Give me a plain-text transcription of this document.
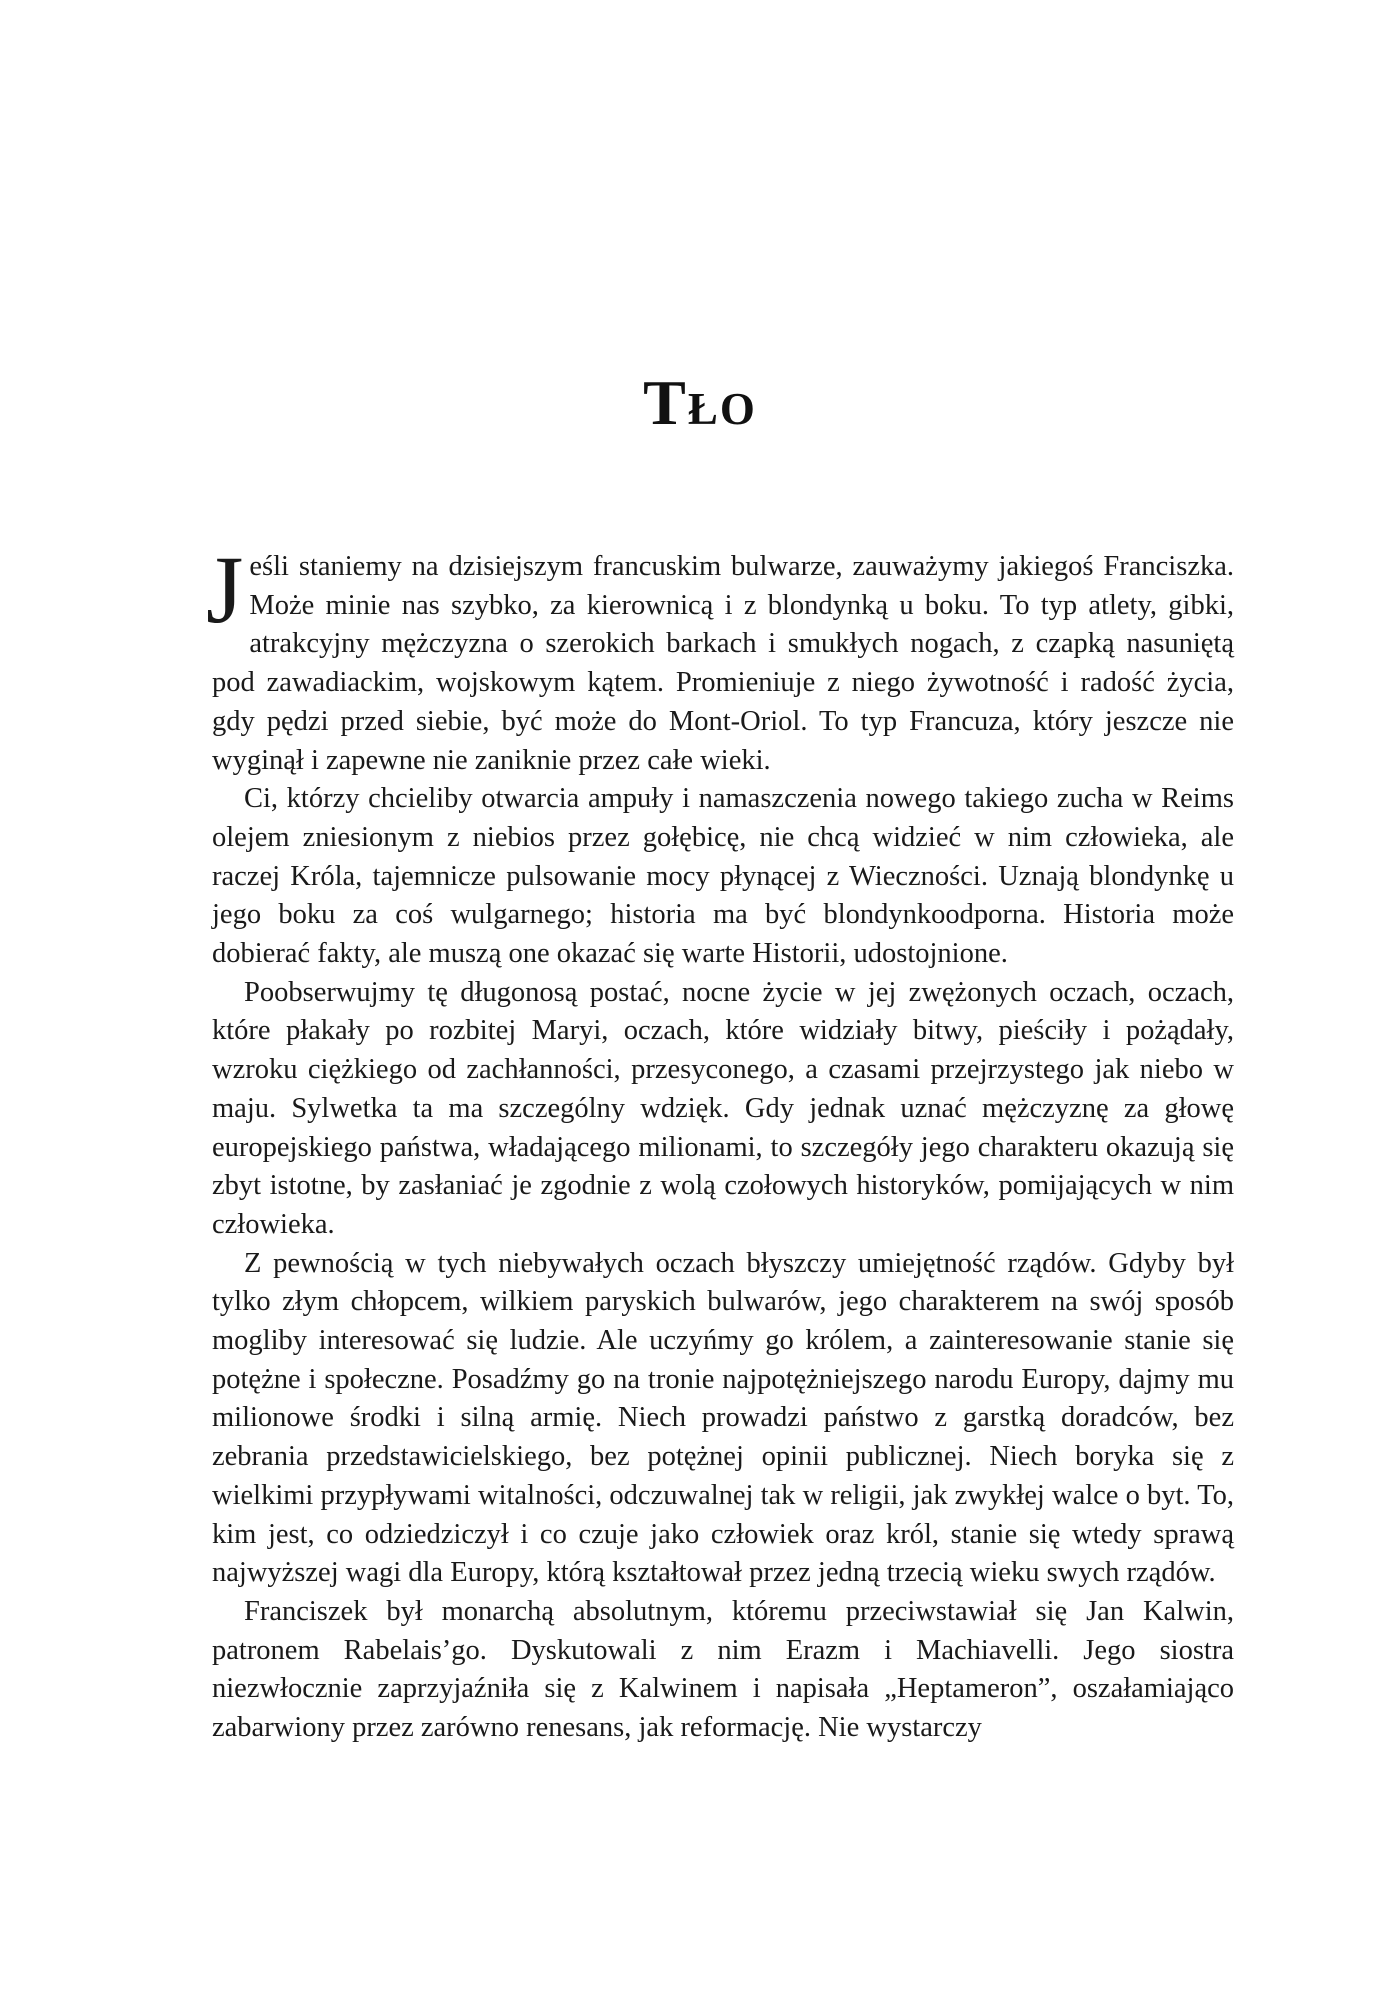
Tło

Jeśli staniemy na dzisiejszym francuskim bulwarze, zauważymy jakiegoś Franciszka. Może minie nas szybko, za kierownicą i z blondynką u boku. To typ atlety, gibki, atrakcyjny mężczyzna o szerokich barkach i smukłych nogach, z czapką nasuniętą pod zawadiackim, wojskowym kątem. Promieniuje z niego żywotność i radość życia, gdy pędzi przed siebie, być może do Mont-Oriol. To typ Francuza, który jeszcze nie wyginął i zapewne nie zaniknie przez całe wieki.

Ci, którzy chcieliby otwarcia ampuły i namaszczenia nowego takiego zucha w Reims olejem zniesionym z niebios przez gołębicę, nie chcą widzieć w nim człowieka, ale raczej Króla, tajemnicze pulsowanie mocy płynącej z Wieczności. Uznają blondynkę u jego boku za coś wulgarnego; historia ma być blondynkoodporna. Historia może dobierać fakty, ale muszą one okazać się warte Historii, udostojnione.

Poobserwujmy tę długonosą postać, nocne życie w jej zwężonych oczach, oczach, które płakały po rozbitej Maryi, oczach, które widziały bitwy, pieściły i pożądały, wzroku ciężkiego od zachłanności, przesyconego, a czasami przejrzystego jak niebo w maju. Sylwetka ta ma szczególny wdzięk. Gdy jednak uznać mężczyznę za głowę europejskiego państwa, władającego milionami, to szczegóły jego charakteru okazują się zbyt istotne, by zasłaniać je zgodnie z wolą czołowych historyków, pomijających w nim człowieka.

Z pewnością w tych niebywałych oczach błyszczy umiejętność rządów. Gdyby był tylko złym chłopcem, wilkiem paryskich bulwarów, jego charakterem na swój sposób mogliby interesować się ludzie. Ale uczyńmy go królem, a zainteresowanie stanie się potężne i społeczne. Posadźmy go na tronie najpotężniejszego narodu Europy, dajmy mu milionowe środki i silną armię. Niech prowadzi państwo z garstką doradców, bez zebrania przedstawicielskiego, bez potężnej opinii publicznej. Niech boryka się z wielkimi przypływami witalności, odczuwalnej tak w religii, jak zwykłej walce o byt. To, kim jest, co odziedziczył i co czuje jako człowiek oraz król, stanie się wtedy sprawą najwyższej wagi dla Europy, którą kształtował przez jedną trzecią wieku swych rządów.

Franciszek był monarchą absolutnym, któremu przeciwstawiał się Jan Kalwin, patronem Rabelais’go. Dyskutowali z nim Erazm i Machiavelli. Jego siostra niezwłocznie zaprzyjaźniła się z Kalwinem i napisała „Heptameron”, oszałamiająco zabarwiony przez zarówno renesans, jak reformację. Nie wystarczy
